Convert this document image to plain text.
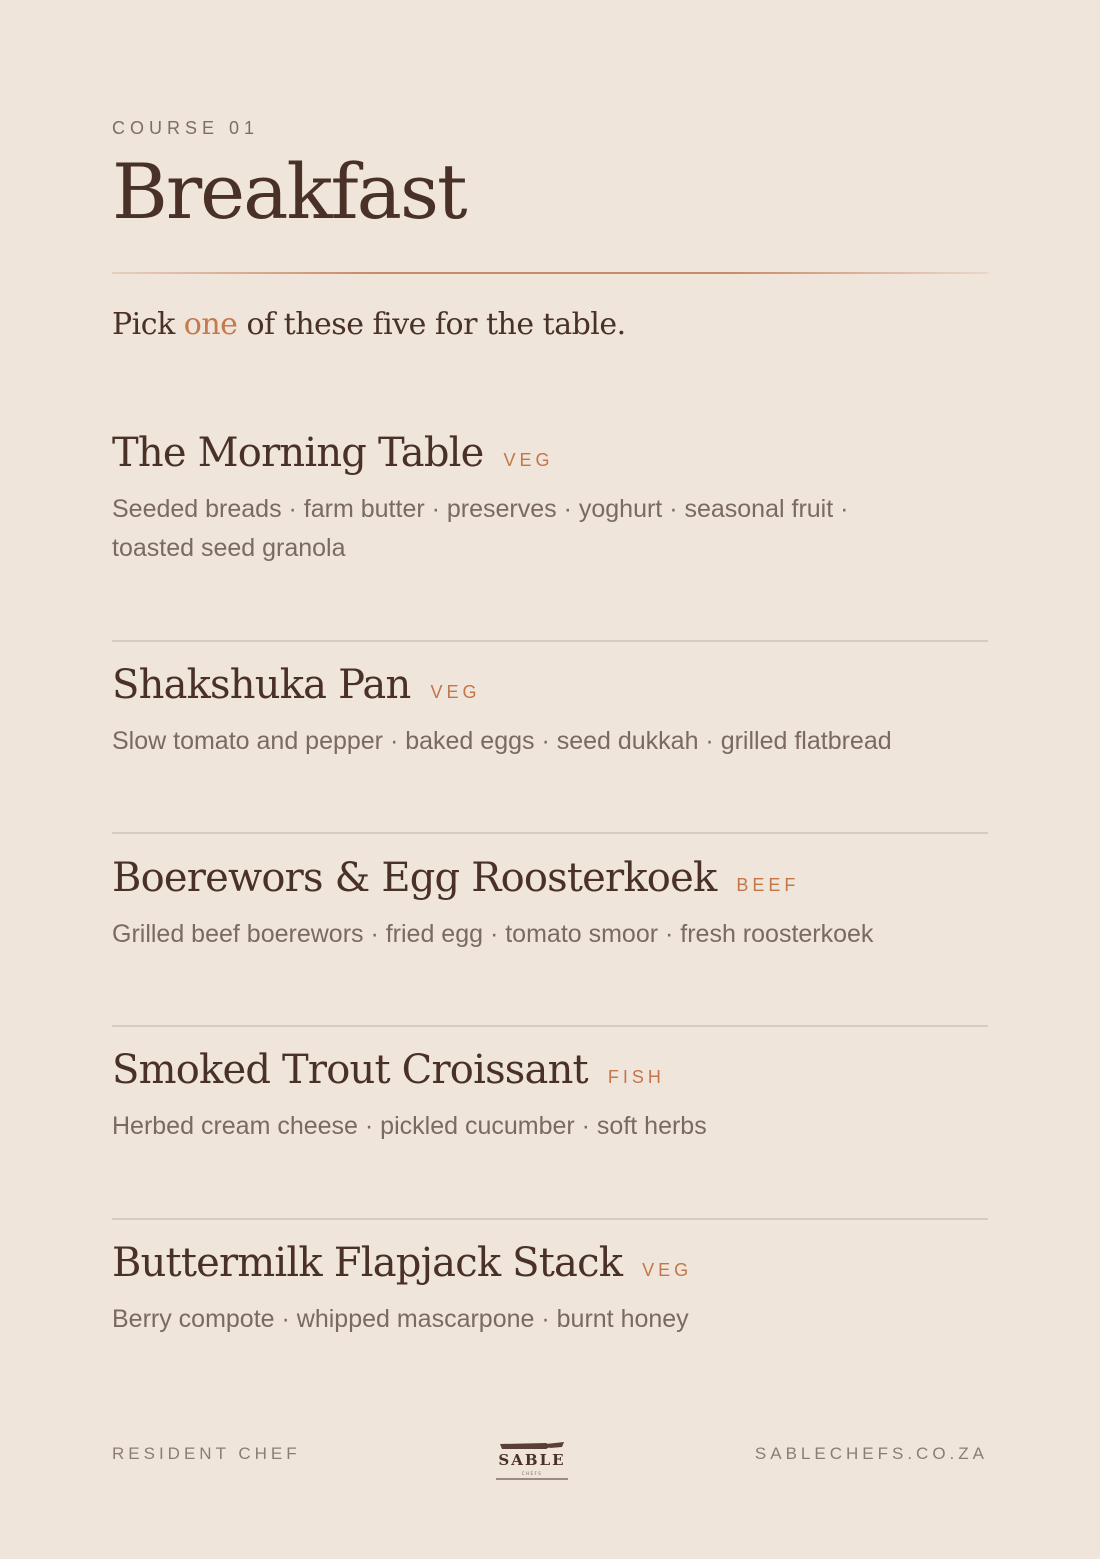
COURSE 01
Breakfast
Pick one of these five for the table.
The Morning Table VEG
Seeded breads · farm butter · preserves · yoghurt · seasonal fruit · toasted seed granola
Shakshuka Pan VEG
Slow tomato and pepper · baked eggs · seed dukkah · grilled flatbread
Boerewors & Egg Roosterkoek BEEF
Grilled beef boerewors · fried egg · tomato smoor · fresh roosterkoek
Smoked Trout Croissant FISH
Herbed cream cheese · pickled cucumber · soft herbs
Buttermilk Flapjack Stack VEG
Berry compote · whipped mascarpone · burnt honey
RESIDENT CHEF	SABLE
CHEFS
SABLECHEFS.CO.ZA
